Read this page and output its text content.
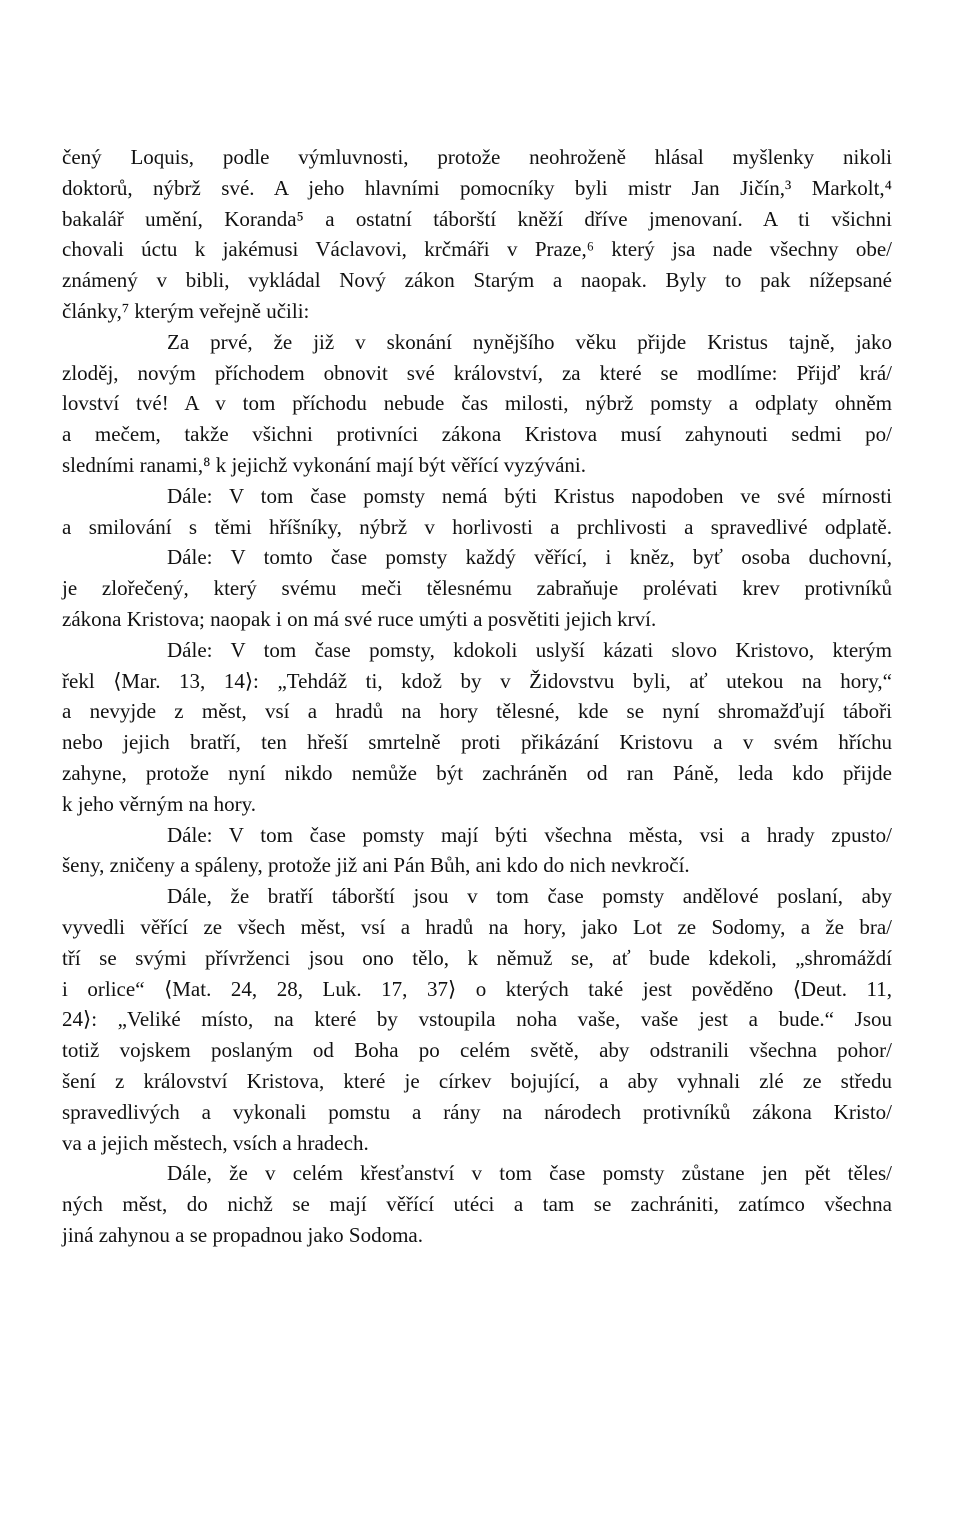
čený Loquis, podle výmluvnosti, protože neohroženě hlásal myšlenky nikoli
doktorů, nýbrž své. A jeho hlavními pomocníky byli mistr Jan Jičín,³ Markolt,⁴
bakalář umění, Koranda⁵ a ostatní táborští kněží dříve jmenovaní. A ti všichni
chovali úctu k jakémusi Václavovi, krčmáři v Praze,⁶ který jsa nade všechny obe/
známený v bibli, vykládal Nový zákon Starým a naopak. Byly to pak nížepsané
články,⁷ kterým veřejně učili:
Za prvé, že již v skonání nynějšího věku přijde Kristus tajně, jako
zloděj, novým příchodem obnovit své království, za které se modlíme: Přijď krá/
lovství tvé! A v tom příchodu nebude čas milosti, nýbrž pomsty a odplaty ohněm
a mečem, takže všichni protivníci zákona Kristova musí zahynouti sedmi po/
sledními ranami,⁸ k jejichž vykonání mají být věřící vyzýváni.
Dále: V tom čase pomsty nemá býti Kristus napodoben ve své mírnosti
a smilování s těmi hříšníky, nýbrž v horlivosti a prchlivosti a spravedlivé odplatě.
Dále: V tomto čase pomsty každý věřící, i kněz, byť osoba duchovní,
je zlořečený, který svému meči tělesnému zabraňuje prolévati krev protivníků
zákona Kristova; naopak i on má své ruce umýti a posvětiti jejich krví.
Dále: V tom čase pomsty, kdokoli uslyší kázati slovo Kristovo, kterým
řekl ⟨Mar. 13, 14⟩: „Tehdáž ti, kdož by v Židovstvu byli, ať utekou na hory,“
a nevyjde z měst, vsí a hradů na hory tělesné, kde se nyní shromažďují tábořі
nebo jejich bratří, ten hřeší smrtelně proti přikázání Kristovu a v svém hříchu
zahyne, protože nyní nikdo nemůže být zachráněn od ran Páně, leda kdo přijde
k jeho věrným na hory.
Dále: V tom čase pomsty mají býti všechna města, vsi a hrady zpusto/
šeny, zničeny a spáleny, protože již ani Pán Bůh, ani kdo do nich nevkročí.
Dále, že bratří táborští jsou v tom čase pomsty andělové poslaní, aby
vyvedli věřící ze všech měst, vsí a hradů na hory, jako Lot ze Sodomy, a že bra/
tří se svými přívrženci jsou ono tělo, k němuž se, ať bude kdekoli, „shromáždí
i orlice“ ⟨Mat. 24, 28, Luk. 17, 37⟩ o kterých také jest pověděno ⟨Deut. 11,
24⟩: „Veliké místo, na které by vstoupila noha vaše, vaše jest a bude.“ Jsou
totiž vojskem poslaným od Boha po celém světě, aby odstranili všechna pohor/
šení z království Kristova, které je církev bojující, a aby vyhnali zlé ze středu
spravedlivých a vykonali pomstu a rány na národech protivníků zákona Kristo/
va a jejich městech, vsích a hradech.
Dále, že v celém křesťanství v tom čase pomsty zůstane jen pět těles/
ných měst, do nichž se mají věřící utéci a tam se zachrániti, zatímco všechna
jiná zahynou a se propadnou jako Sodoma.
